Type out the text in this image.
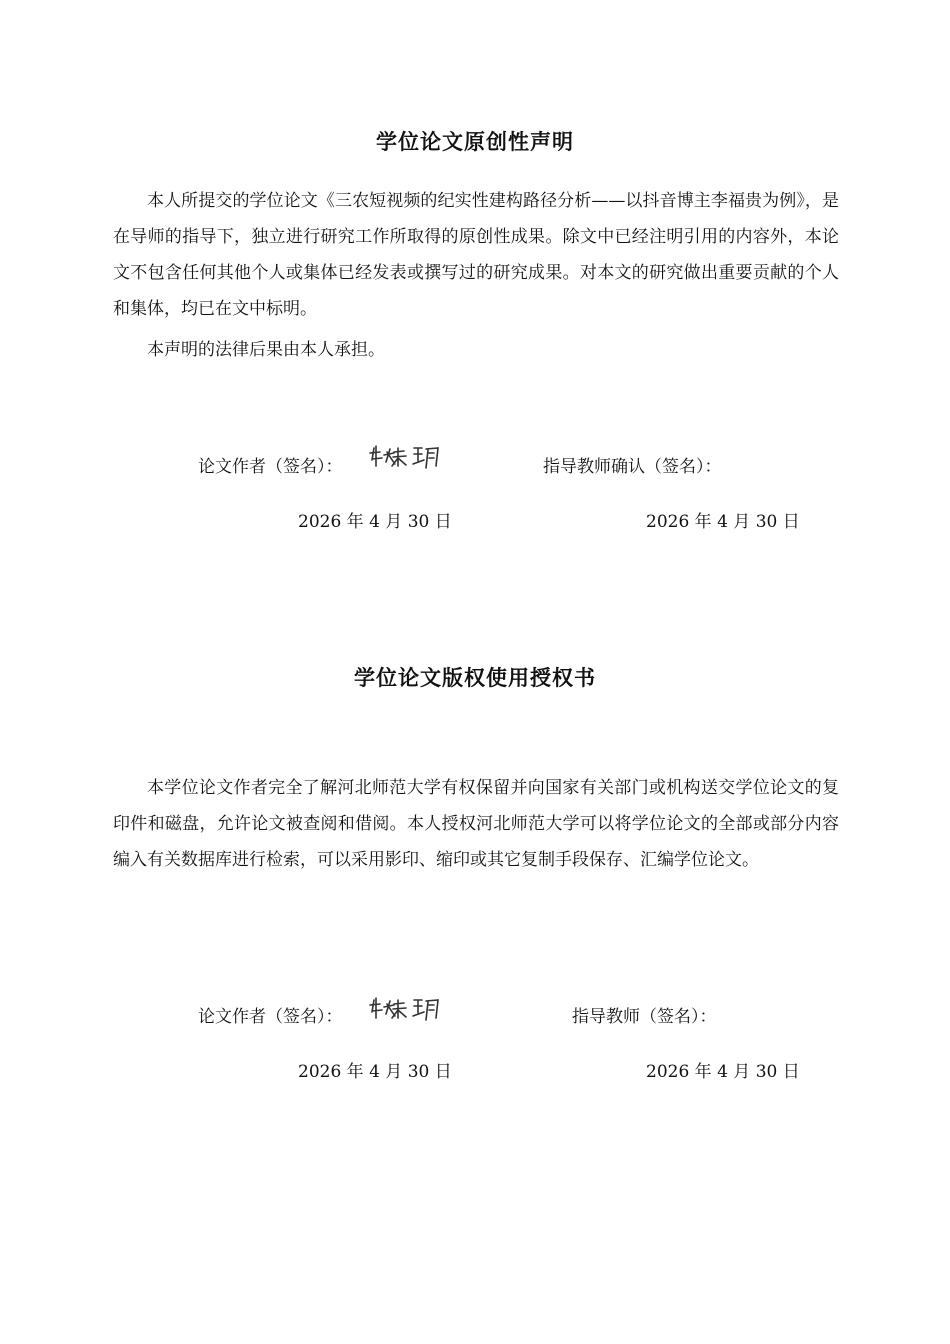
学位论文原创性声明

本人所提交的学位论文《三农短视频的纪实性建构路径分析——以抖音博主李福贵为例》，是在导师的指导下，独立进行研究工作所取得的原创性成果。除文中已经注明引用的内容外，本论文不包含任何其他个人或集体已经发表或撰写过的研究成果。对本文的研究做出重要贡献的个人和集体，均已在文中标明。

本声明的法律后果由本人承担。

论文作者（签名）：	指导教师确认（签名）：
2026 年 4 月 30 日	2026 年 4 月 30 日
学位论文版权使用授权书

本学位论文作者完全了解河北师范大学有权保留并向国家有关部门或机构送交学位论文的复印件和磁盘，允许论文被查阅和借阅。本人授权河北师范大学可以将学位论文的全部或部分内容编入有关数据库进行检索，可以采用影印、缩印或其它复制手段保存、汇编学位论文。

论文作者（签名）：	指导教师（签名）：
2026 年 4 月 30 日	2026 年 4 月 30 日
